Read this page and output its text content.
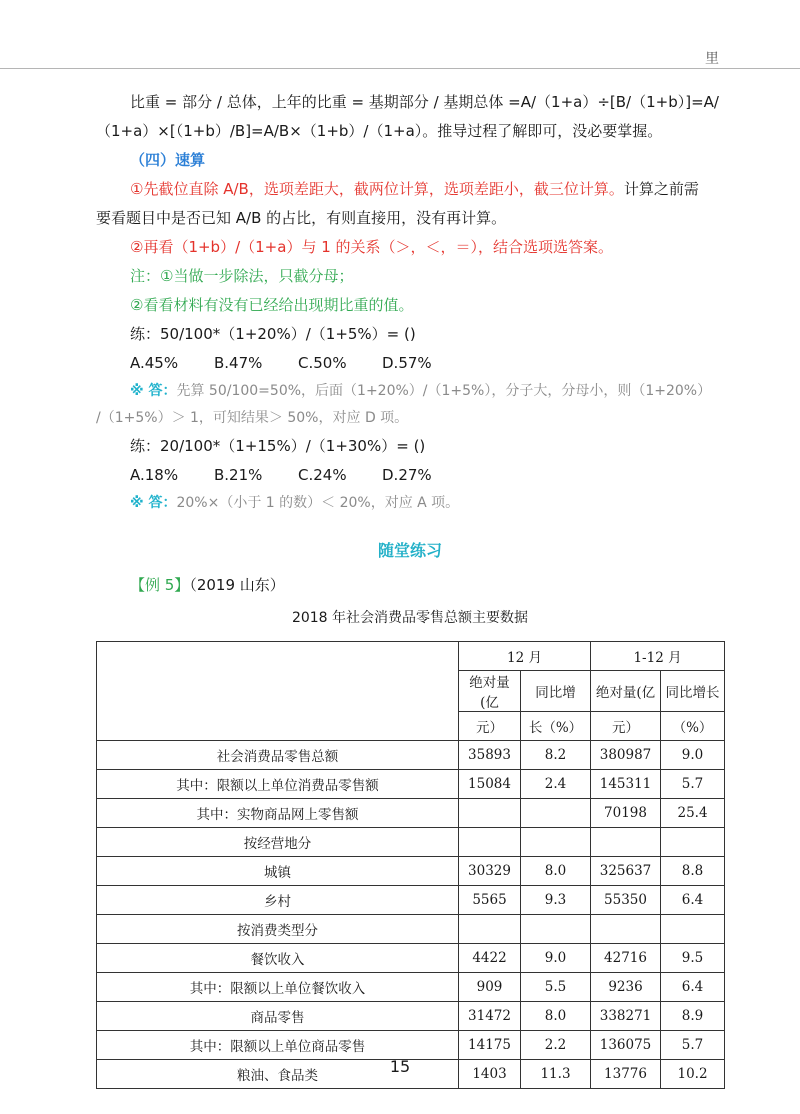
里

比重 = 部分 / 总体，上年的比重 = 基期部分 / 基期总体 =A/（1+a）÷[B/（1+b）]=A/

（1+a）×[（1+b）/B]=A/B×（1+b）/（1+a）。推导过程了解即可，没必要掌握。

（四）速算

①先截位直除 A/B，选项差距大，截两位计算，选项差距小，截三位计算。计算之前需

要看题目中是否已知 A/B 的占比，有则直接用，没有再计算。

②再看（1+b）/（1+a）与 1 的关系（＞，＜，＝），结合选项选答案。

注：①当做一步除法，只截分母；

②看看材料有没有已经给出现期比重的值。

练：50/100*（1+20%）/（1+5%）= ()

A.45% B.47% C.50% D.57%

※ 答：先算 50/100=50%，后面（1+20%）/（1+5%），分子大，分母小，则（1+20%）

/（1+5%）＞ 1，可知结果＞ 50%，对应 D 项。

练：20/100*（1+15%）/（1+30%）= ()

A.18% B.21% C.24% D.27%

※ 答：20%×（小于 1 的数）＜ 20%，对应 A 项。

随堂练习

【例 5】（2019 山东）

2018 年社会消费品零售总额主要数据
	12 月		1-12 月	
	绝对量(亿	同比增	绝对量(亿	同比增长
	元）	长（%）	元）	（%）
社会消费品零售总额	35893	8.2	380987	9.0
其中：限额以上单位消费品零售额	15084	2.4	145311	5.7
其中：实物商品网上零售额			70198	25.4
按经营地分				
城镇	30329	8.0	325637	8.8
乡村	5565	9.3	55350	6.4
按消费类型分				
餐饮收入	4422	9.0	42716	9.5
其中：限额以上单位餐饮收入	909	5.5	9236	6.4
商品零售	31472	8.0	338271	8.9
其中：限额以上单位商品零售	14175	2.2	136075	5.7
粮油、食品类	1403	11.3	13776	10.2
15
